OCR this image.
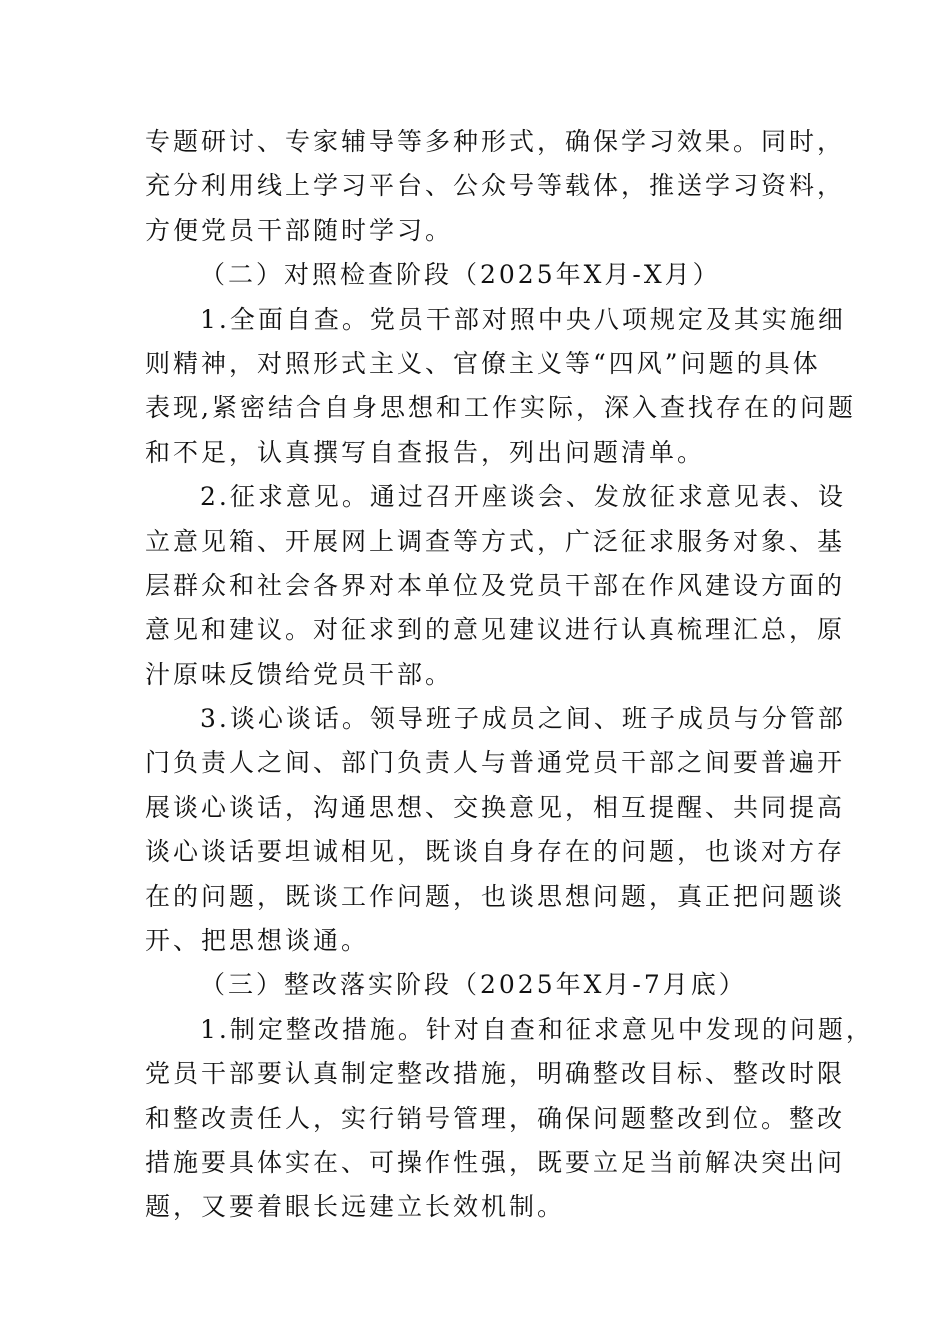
专题研讨、专家辅导等多种形式，确保学习效果。同时，
充分利用线上学习平台、公众号等载体，推送学习资料，
方便党员干部随时学习。
（二）对照检查阶段（2025年X月-X月）
1.全面自查。党员干部对照中央八项规定及其实施细
则精神，对照形式主义、官僚主义等“四风”问题的具体
表现,紧密结合自身思想和工作实际，深入查找存在的问题
和不足，认真撰写自查报告，列出问题清单。
2.征求意见。通过召开座谈会、发放征求意见表、设
立意见箱、开展网上调查等方式，广泛征求服务对象、基
层群众和社会各界对本单位及党员干部在作风建设方面的
意见和建议。对征求到的意见建议进行认真梳理汇总，原
汁原味反馈给党员干部。
3.谈心谈话。领导班子成员之间、班子成员与分管部
门负责人之间、部门负责人与普通党员干部之间要普遍开
展谈心谈话，沟通思想、交换意见，相互提醒、共同提高
谈心谈话要坦诚相见，既谈自身存在的问题，也谈对方存
在的问题，既谈工作问题，也谈思想问题，真正把问题谈
开、把思想谈通。
（三）整改落实阶段（2025年X月-7月底）
1.制定整改措施。针对自查和征求意见中发现的问题，
党员干部要认真制定整改措施，明确整改目标、整改时限
和整改责任人，实行销号管理，确保问题整改到位。整改
措施要具体实在、可操作性强，既要立足当前解决突出问
题，又要着眼长远建立长效机制。
